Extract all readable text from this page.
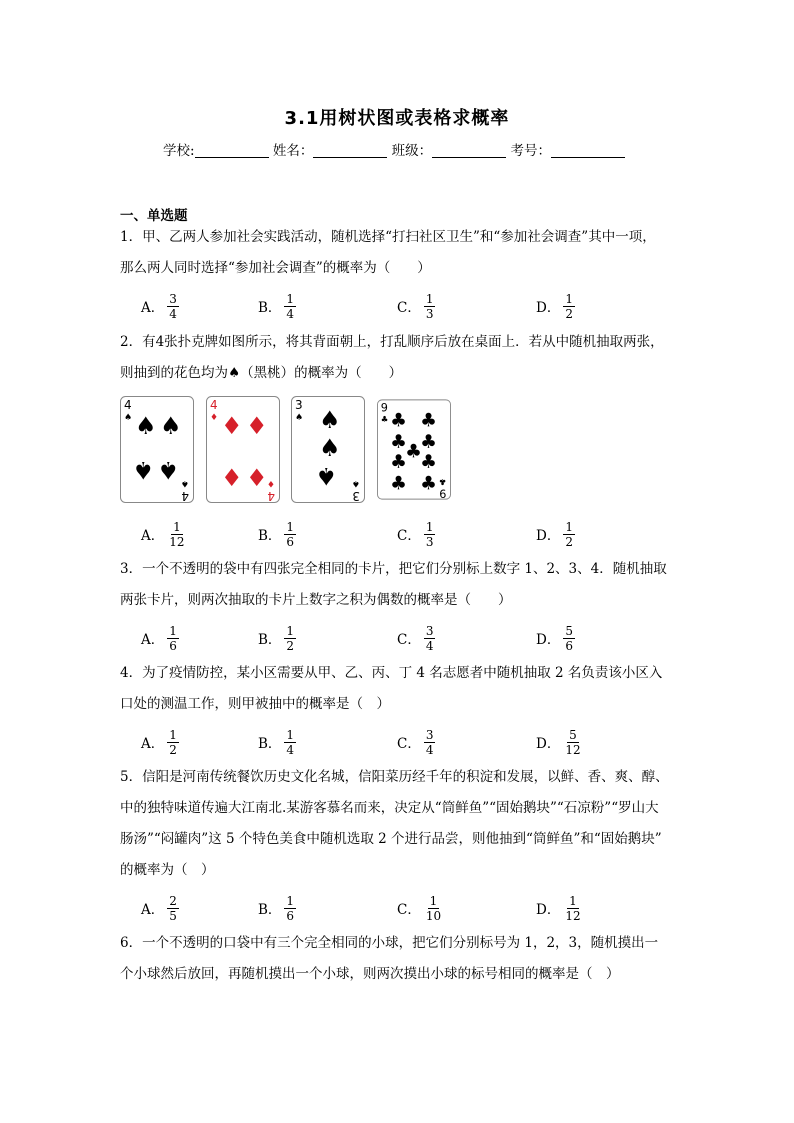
3.1用树状图或表格求概率
学校:	姓名：	班级：	考号：
一、单选题
1．甲、乙两人参加社会实践活动，随机选择“打扫社区卫生”和“参加社会调查”其中一项，
那么两人同时选择“参加社会调查”的概率为（　　）
A． $\frac{3}{4}$	B． $\frac{1}{4}$	C． $\frac{1}{3}$	D． $\frac{1}{2}$
2．有4张扑克牌如图所示，将其背面朝上，打乱顺序后放在桌面上．若从中随机抽取两张，
则抽到的花色均为♠（黑桃）的概率为（　　）
4
♠ ♠ ♠
♠
♠
4
♠
4
♦ ♦ ♦
♦ ♦
4
♦
3
♠ ♠
♠
♠
3
♠
9
♣ ♣ ♣
♣ ♣
♣
♣ ♣
♣ ♣ 9
♣
A． $\frac{1}{12}$	B． $\frac{1}{6}$	C． $\frac{1}{3}$	D． $\frac{1}{2}$
3．一个不透明的袋中有四张完全相同的卡片，把它们分别标上数字 1、2、3、4．随机抽取
两张卡片，则两次抽取的卡片上数字之积为偶数的概率是（　　）
A． $\frac{1}{6}$	B． $\frac{1}{2}$	C． $\frac{3}{4}$	D． $\frac{5}{6}$
4．为了疫情防控，某小区需要从甲、乙、丙、丁 4 名志愿者中随机抽取 2 名负责该小区入
口处的测温工作，则甲被抽中的概率是（　）
A． $\frac{1}{2}$	B． $\frac{1}{4}$	C． $\frac{3}{4}$	D． $\frac{5}{12}$
5．信阳是河南传统餐饮历史文化名城，信阳菜历经千年的积淀和发展，以鲜、香、爽、醇、
中的独特味道传遍大江南北.某游客慕名而来，决定从“筒鲜鱼”“固始鹅块”“石凉粉”“罗山大
肠汤”“闷罐肉”这 5 个特色美食中随机选取 2 个进行品尝，则他抽到“筒鲜鱼”和“固始鹅块”
的概率为（　）
A． $\frac{2}{5}$	B． $\frac{1}{6}$	C． $\frac{1}{10}$	D． $\frac{1}{12}$
6．一个不透明的口袋中有三个完全相同的小球，把它们分别标号为 1，2，3，随机摸出一
个小球然后放回，再随机摸出一个小球，则两次摸出小球的标号相同的概率是（　）
